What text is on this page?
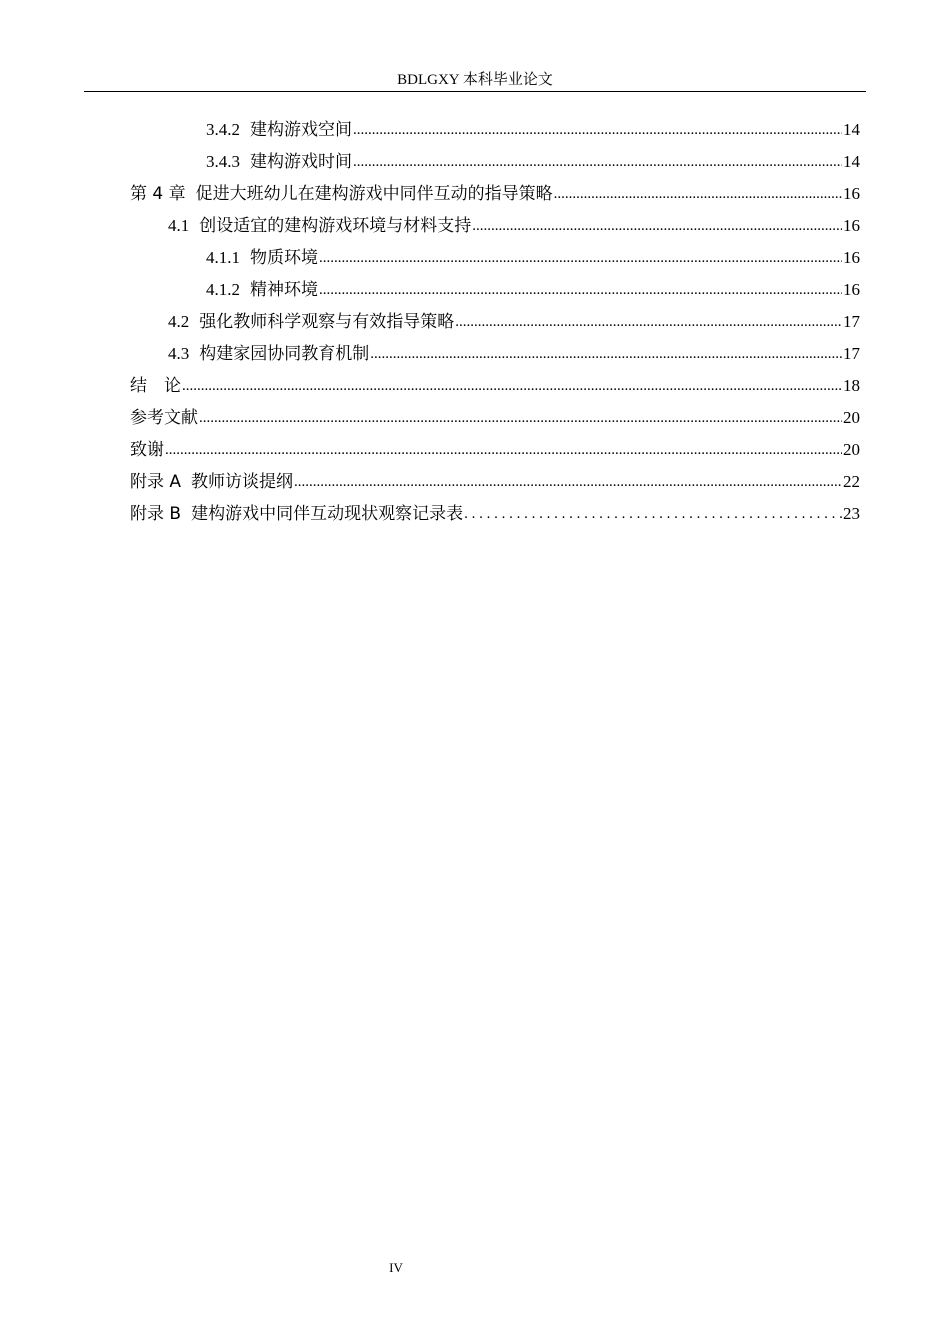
BDLGXY 本科毕业论文
3.4.2 建构游戏空间 .....	14
3.4.3 建构游戏时间 .....	14
第 4 章 促进大班幼儿在建构游戏中同伴互动的指导策略 .....	16
4.1 创设适宜的建构游戏环境与材料支持 .....	16
4.1.1 物质环境 .....	16
4.1.2 精神环境 .....	16
4.2 强化教师科学观察与有效指导策略 .....	17
4.3 构建家园协同教育机制 .....	17
结　论 .....	18
参考文献 .....	20
致谢 .....	20
附录 A 教师访谈提纲 .....	22
附录 B 建构游戏中同伴互动现状观察记录表 . . .	23
IV
